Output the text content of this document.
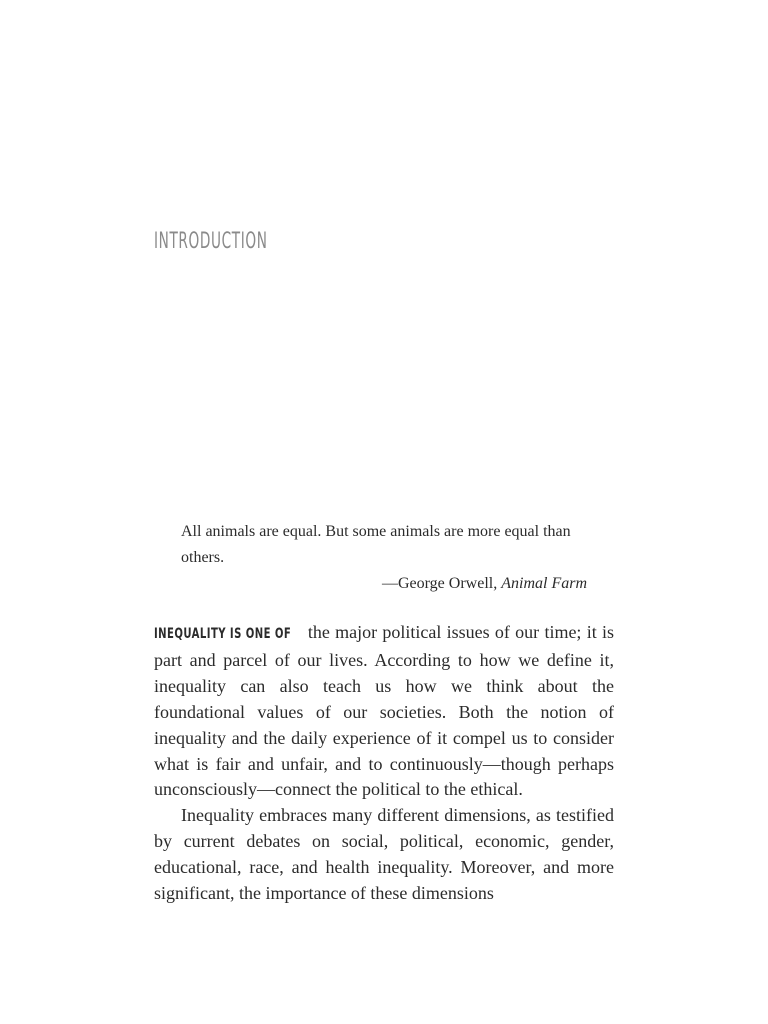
INTRODUCTION

All animals are equal. But some animals are more equal than others.

—George Orwell, Animal Farm

INEQUALITY IS ONE OF the major political issues of our time; it is part and parcel of our lives. According to how we define it, inequality can also teach us how we think about the foundational values of our societies. Both the notion of inequality and the daily experience of it compel us to consider what is fair and unfair, and to continuously—though perhaps unconsciously—connect the political to the ethical.

Inequality embraces many different dimensions, as testified by current debates on social, political, economic, gender, educational, race, and health inequality. Moreover, and more significant, the importance of these dimensions
